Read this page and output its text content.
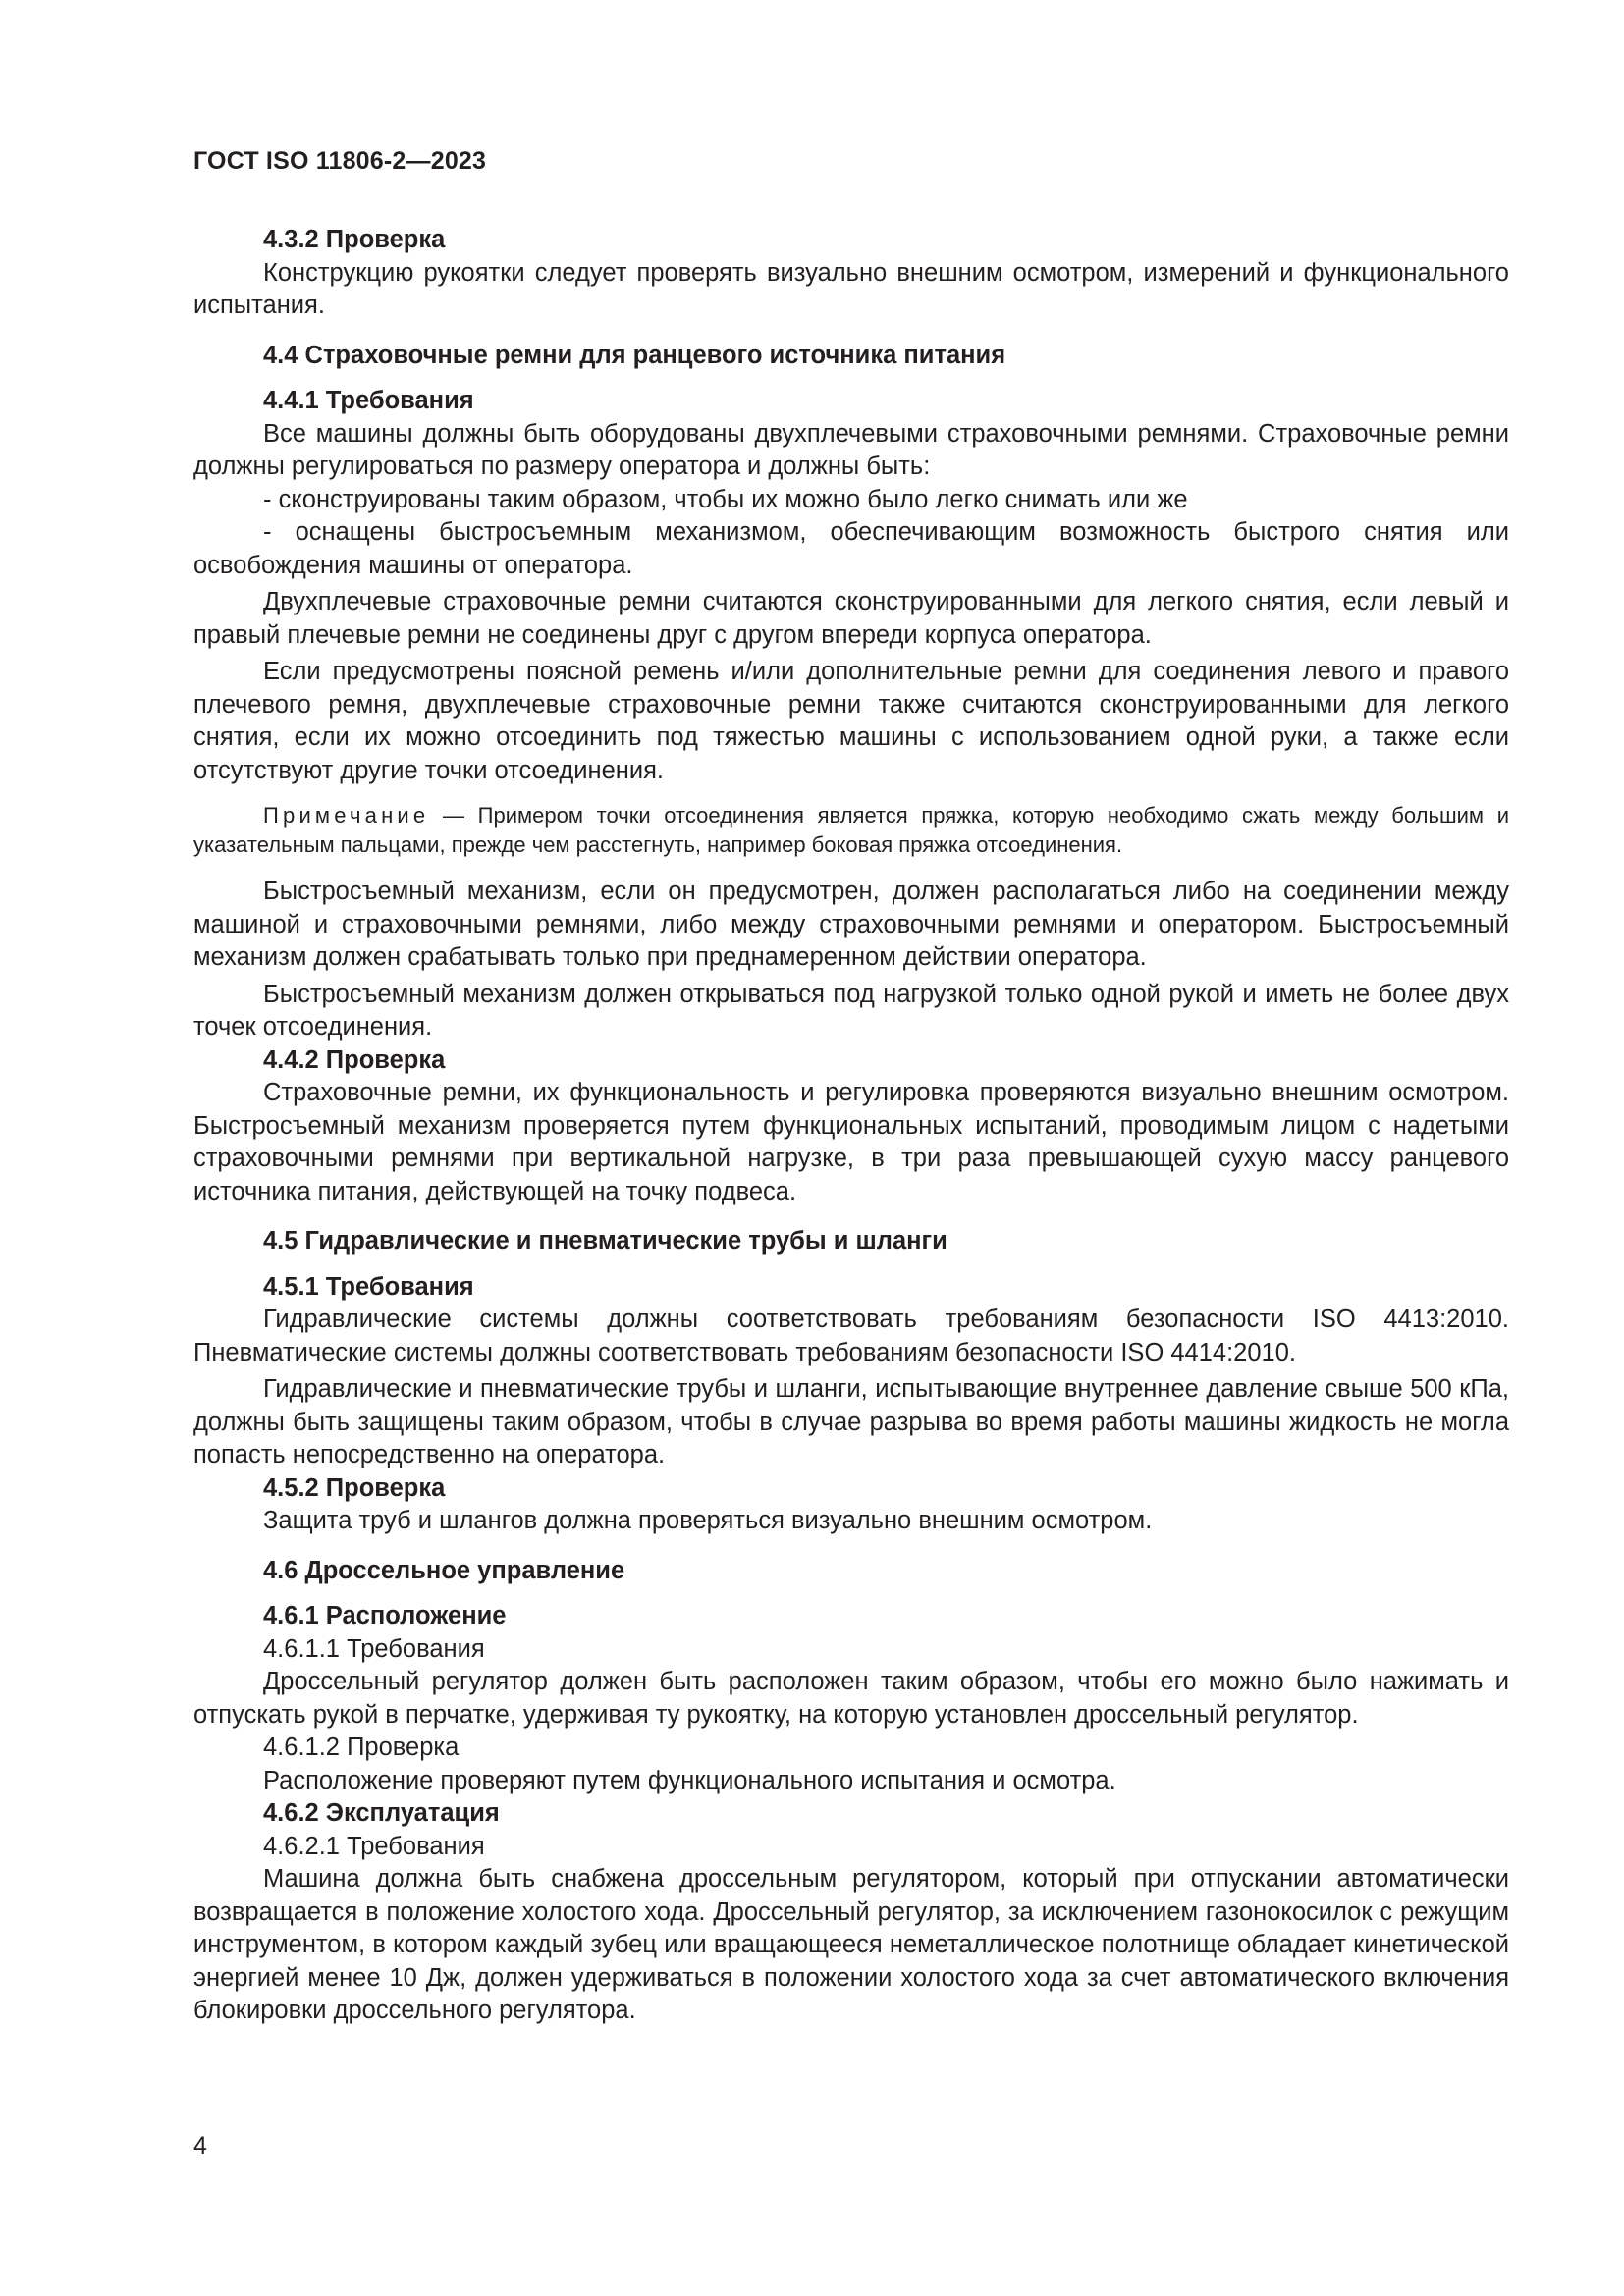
ГОСТ ISO 11806-2—2023

4.3.2 Проверка

Конструкцию рукоятки следует проверять визуально внешним осмотром, измерений и функционального испытания.

4.4 Страховочные ремни для ранцевого источника питания

4.4.1 Требования

Все машины должны быть оборудованы двухплечевыми страховочными ремнями. Страховочные ремни должны регулироваться по размеру оператора и должны быть:

- сконструированы таким образом, чтобы их можно было легко снимать или же

- оснащены быстросъемным механизмом, обеспечивающим возможность быстрого снятия или освобождения машины от оператора.

Двухплечевые страховочные ремни считаются сконструированными для легкого снятия, если левый и правый плечевые ремни не соединены друг с другом впереди корпуса оператора.

Если предусмотрены поясной ремень и/или дополнительные ремни для соединения левого и правого плечевого ремня, двухплечевые страховочные ремни также считаются сконструированными для легкого снятия, если их можно отсоединить под тяжестью машины с использованием одной руки, а также если отсутствуют другие точки отсоединения.

Примечание — Примером точки отсоединения является пряжка, которую необходимо сжать между большим и указательным пальцами, прежде чем расстегнуть, например боковая пряжка отсоединения.

Быстросъемный механизм, если он предусмотрен, должен располагаться либо на соединении между машиной и страховочными ремнями, либо между страховочными ремнями и оператором. Быстросъемный механизм должен срабатывать только при преднамеренном действии оператора.

Быстросъемный механизм должен открываться под нагрузкой только одной рукой и иметь не более двух точек отсоединения.

4.4.2 Проверка

Страховочные ремни, их функциональность и регулировка проверяются визуально внешним осмотром. Быстросъемный механизм проверяется путем функциональных испытаний, проводимым лицом с надетыми страховочными ремнями при вертикальной нагрузке, в три раза превышающей сухую массу ранцевого источника питания, действующей на точку подвеса.

4.5 Гидравлические и пневматические трубы и шланги

4.5.1 Требования

Гидравлические системы должны соответствовать требованиям безопасности ISO 4413:2010. Пневматические системы должны соответствовать требованиям безопасности ISO 4414:2010.

Гидравлические и пневматические трубы и шланги, испытывающие внутреннее давление свыше 500 кПа, должны быть защищены таким образом, чтобы в случае разрыва во время работы машины жидкость не могла попасть непосредственно на оператора.

4.5.2 Проверка

Защита труб и шлангов должна проверяться визуально внешним осмотром.

4.6 Дроссельное управление

4.6.1 Расположение

4.6.1.1 Требования

Дроссельный регулятор должен быть расположен таким образом, чтобы его можно было нажимать и отпускать рукой в перчатке, удерживая ту рукоятку, на которую установлен дроссельный регулятор.

4.6.1.2 Проверка

Расположение проверяют путем функционального испытания и осмотра.

4.6.2 Эксплуатация

4.6.2.1 Требования

Машина должна быть снабжена дроссельным регулятором, который при отпускании автоматически возвращается в положение холостого хода. Дроссельный регулятор, за исключением газонокосилок с режущим инструментом, в котором каждый зубец или вращающееся неметаллическое полотнище обладает кинетической энергией менее 10 Дж, должен удерживаться в положении холостого хода за счет автоматического включения блокировки дроссельного регулятора.

4
